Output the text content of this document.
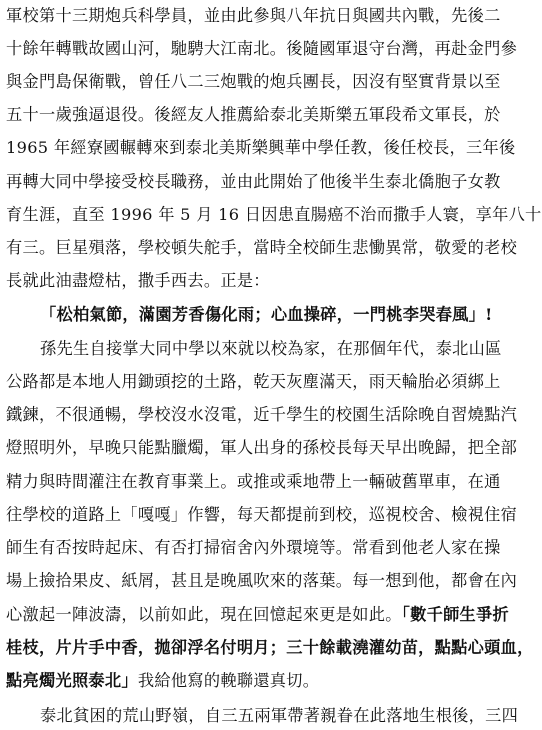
軍校第十三期炮兵科學員，並由此參與八年抗日與國共內戰，先後二
十餘年轉戰故國山河，馳騁大江南北。後隨國軍退守台灣，再赴金門參
與金門島保衛戰，曾任八二三炮戰的炮兵團長，因沒有堅實背景以至
五十一歲強逼退役。後經友人推薦給泰北美斯樂五軍段希文軍長，於
1965 年經寮國輾轉來到泰北美斯樂興華中學任教，後任校長，三年後
再轉大同中學接受校長職務，並由此開始了他後半生泰北僑胞子女教
育生涯，直至 1996 年 5 月 16 日因患直腸癌不治而撒手人寰，享年八十
有三。巨星殞落，學校頓失舵手，當時全校師生悲慟異常，敬愛的老校
長就此油盡燈枯，撒手西去。正是：
「松柏氣節，滿園芳香傷化雨；心血操碎，一門桃李哭春風」!
孫先生自接掌大同中學以來就以校為家，在那個年代，泰北山區
公路都是本地人用鋤頭挖的土路，乾天灰塵滿天，雨天輪胎必須綁上
鐵鍊，不很通暢，學校沒水沒電，近千學生的校園生活除晚自習燒點汽
燈照明外，早晚只能點臘燭，軍人出身的孫校長每天早出晚歸，把全部
精力與時間灌注在教育事業上。或推或乘地帶上一輛破舊單車，在通
往學校的道路上「嘎嘎」作響，每天都提前到校，巡視校舍、檢視住宿
師生有否按時起床、有否打掃宿舍內外環境等。常看到他老人家在操
場上撿拾果皮、紙屑，甚且是晚風吹來的落葉。每一想到他，都會在內
心激起一陣波濤，以前如此，現在回憶起來更是如此。「數千師生爭折
桂枝，片片手中香，拋卻浮名付明月；三十餘載澆灌幼苗，點點心頭血，
點亮燭光照泰北」我給他寫的輓聯還真切。
泰北貧困的荒山野嶺，自三五兩軍帶著親眷在此落地生根後，三四
